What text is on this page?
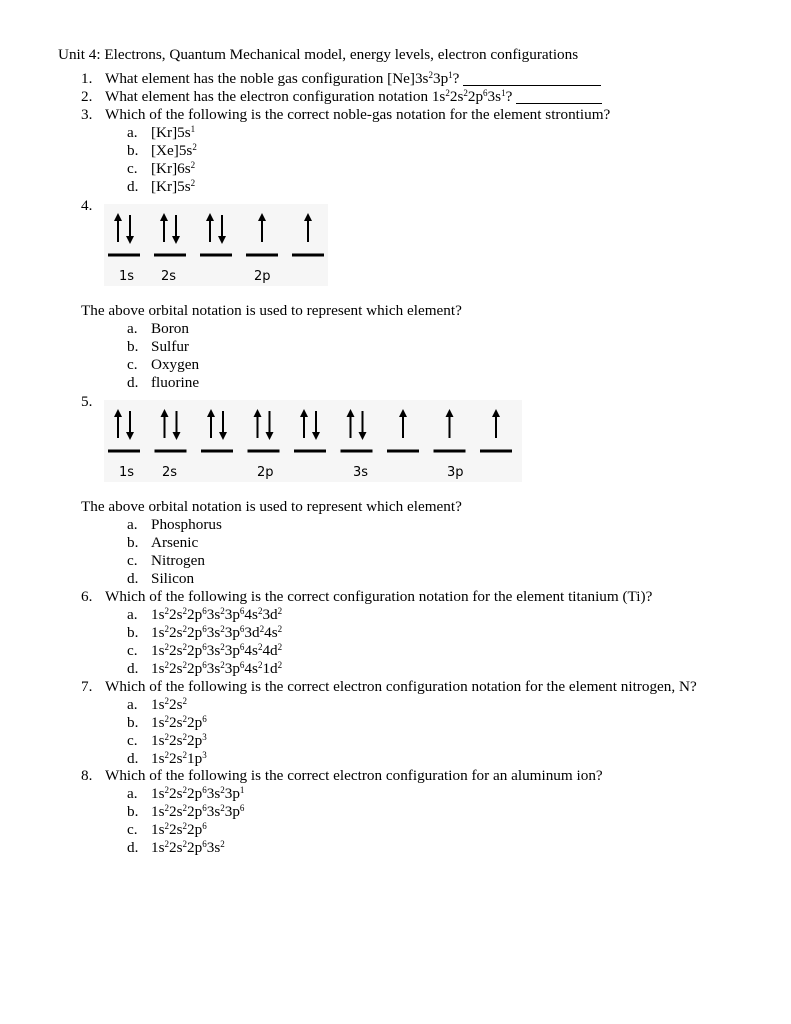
Unit 4: Electrons, Quantum Mechanical model, energy levels, electron configurations
1. What element has the noble gas configuration $[Ne]3s^23p^1$?
2. What element has the electron configuration notation $1s^22s^22p^63s^1$?
3. Which of the following is the correct noble-gas notation for the element strontium?
a. $[Kr]5s^1$
b. $[Xe]5s^2$
c. $[Kr]6s^2$
d. $[Kr]5s^2$
4.
1s 2s	2p
The above orbital notation is used to represent which element?
a. Boron
b. Sulfur
c. Oxygen
d. fluorine
5.
1s 2s	2p	3s	3p
The above orbital notation is used to represent which element?
a. Phosphorus
b. Arsenic
c. Nitrogen
d. Silicon
6. Which of the following is the correct configuration notation for the element titanium (Ti)?
a. $1s^22s^22p^63s^23p^64s^23d^2$
b. $1s^22s^22p^63s^23p^63d^24s^2$
c. $1s^22s^22p^63s^23p^64s^24d^2$
d. $1s^22s^22p^63s^23p^64s^21d^2$
7. Which of the following is the correct electron configuration notation for the element nitrogen, N?
a. $1s^22s^2$
b. $1s^22s^22p^6$
c. $1s^22s^22p^3$
d. $1s^22s^21p^3$
8. Which of the following is the correct electron configuration for an aluminum ion?
a. $1s^22s^22p^63s^23p^1$
b. $1s^22s^22p^63s^23p^6$
c. $1s^22s^22p^6$
d. $1s^22s^22p^63s^2$
